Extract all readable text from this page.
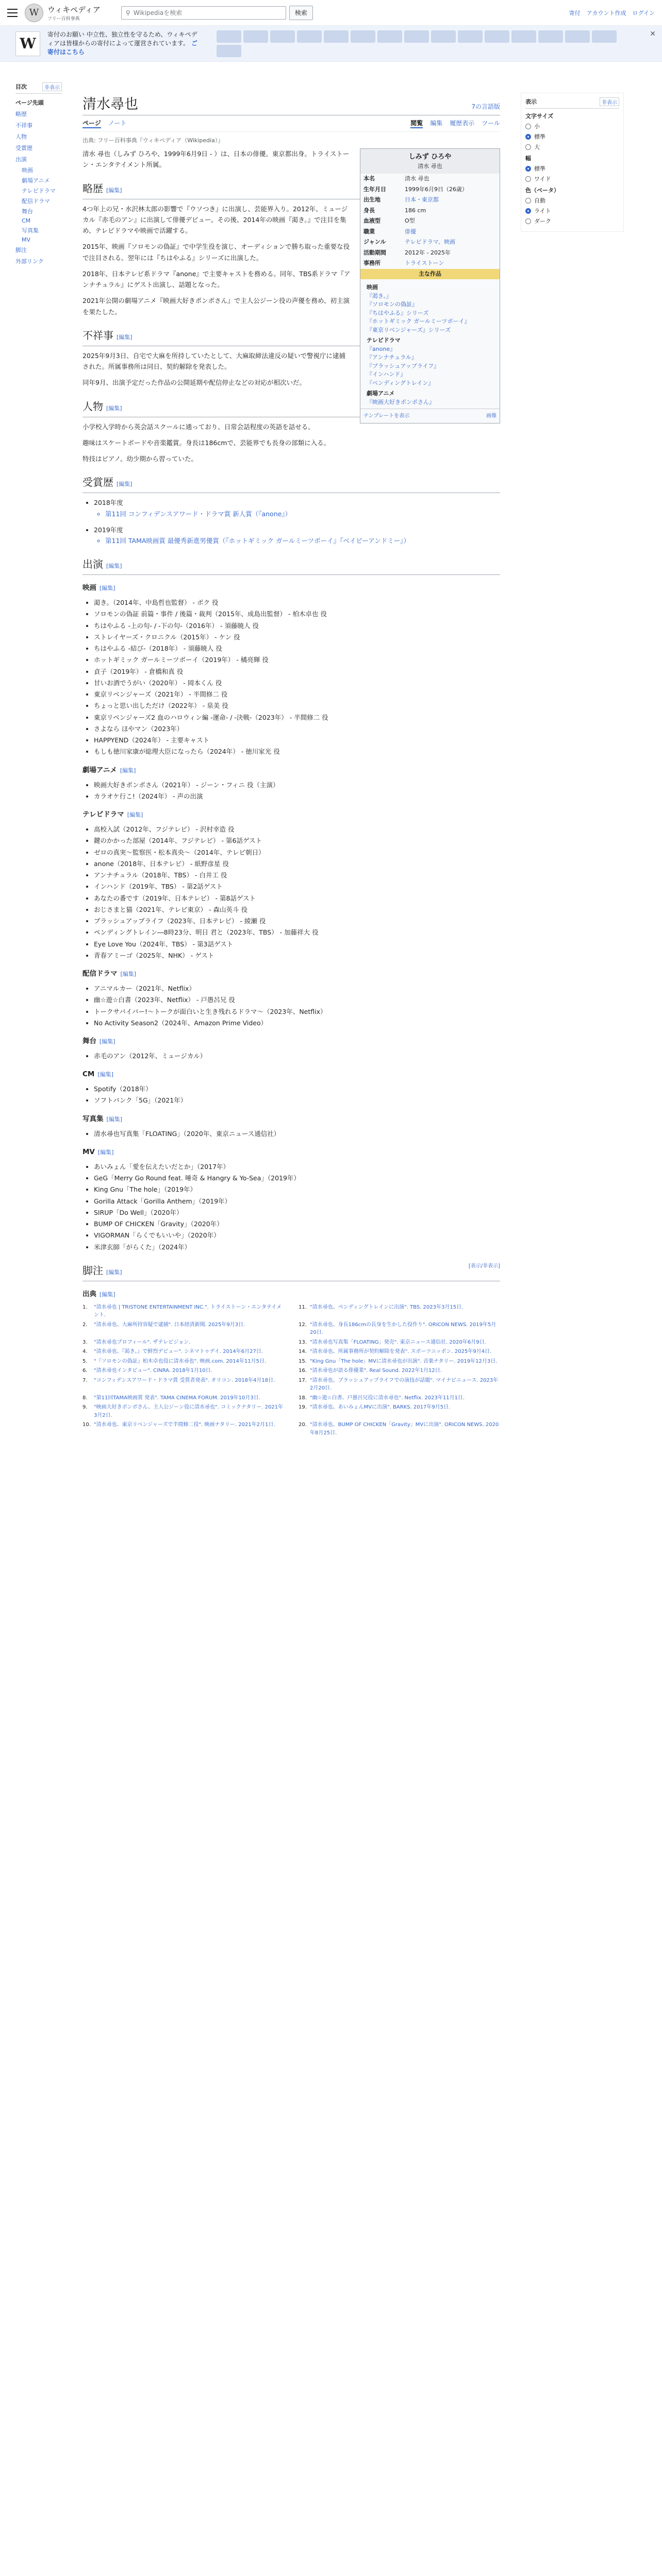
W	ウィキペディア
フリー百科事典
⚲ Wikipediaを検索	検索	寄付 アカウント作成 ログイン
W
寄付のお願い 中立性、独立性を守るため、ウィキペディアは皆様からの寄付によって運営されています。 ご寄付はこちら
✕
目次	非表示
ページ先頭
略歴
不祥事
人物
受賞歴
出演
映画
劇場アニメ
テレビドラマ
配信ドラマ
舞台
CM
写真集
MV
脚注
外部リンク
清水尋也	7の言語版
ページ ノート	閲覧 編集 履歴表示 ツール
出典: フリー百科事典『ウィキペディア（Wikipedia）』
しみず ひろや
清水 尋也
本名	清水 尋也
生年月日	1999年6月9日（26歳）
出生地	日本・東京都
身長	186 cm
血液型	O型
職業	俳優
ジャンル	テレビドラマ、映画
活動期間	2012年 - 2025年
事務所	トライストーン
主な作品
映画
『渇き。』
『ソロモンの偽証』
『ちはやふる』シリーズ
『ホットギミック ガールミーツボーイ』
『東京リベンジャーズ』シリーズ
テレビドラマ
『anone』
『アンナチュラル』
『ブラッシュアップライフ』
『インハンド』
『ペンディングトレイン』
劇場アニメ
『映画大好きポンポさん』
テンプレートを表示	画像

清水 尋也（しみず ひろや、1999年6月9日 - ）は、日本の俳優。東京都出身。トライストーン・エンタテイメント所属。

略歴 [編集]

4つ年上の兄・水沢林太郎の影響で『ウソつき』に出演し、芸能界入り。2012年、ミュージカル『赤毛のアン』に出演して俳優デビュー。その後、2014年の映画『渇き。』で注目を集め、テレビドラマや映画で活躍する。

2015年、映画『ソロモンの偽証』で中学生役を演じ、オーディションで勝ち取った重要な役で注目される。翌年には『ちはやふる』シリーズに出演した。

2018年、日本テレビ系ドラマ『anone』で主要キャストを務める。同年、TBS系ドラマ『アンナチュラル』にゲスト出演し、話題となった。

2021年公開の劇場アニメ『映画大好きポンポさん』で主人公ジーン役の声優を務め、初主演を果たした。

不祥事 [編集]

2025年9月3日、自宅で大麻を所持していたとして、大麻取締法違反の疑いで警視庁に逮捕された。所属事務所は同日、契約解除を発表した。

同年9月、出演予定だった作品の公開延期や配信停止などの対応が相次いだ。

人物 [編集]

小学校入学時から英会話スクールに通っており、日常会話程度の英語を話せる。

趣味はスケートボードや音楽鑑賞。身長は186cmで、芸能界でも長身の部類に入る。

特技はピアノ。幼少期から習っていた。

受賞歴 [編集]
• 2018年度
◦ 第11回 コンフィデンスアワード・ドラマ賞 新人賞（『anone』）
• 2019年度
◦ 第11回 TAMA映画賞 最優秀新進男優賞（『ホットギミック ガールミーツボーイ』『ベイビーアンドミー』）
出演 [編集]
映画 [編集]
• 渇き。（2014年、中島哲也監督） - ボク 役
• ソロモンの偽証 前篇・事件 / 後篇・裁判（2015年、成島出監督） - 柏木卓也 役
• ちはやふる -上の句- / -下の句-（2016年） - 須藤暁人 役
• ストレイヤーズ・クロニクル（2015年） - ケン 役
• ちはやふる -結び-（2018年） - 須藤暁人 役
• ホットギミック ガールミーツボーイ（2019年） - 橘亮輝 役
• 貞子（2019年） - 倉橋和真 役
• 甘いお酒でうがい（2020年） - 岡本くん 役
• 東京リベンジャーズ（2021年） - 半間修二 役
• ちょっと思い出しただけ（2022年） - 泉美 役
• 東京リベンジャーズ2 血のハロウィン編 -運命- / -決戦-（2023年） - 半間修二 役
• さよなら ほやマン（2023年）
• HAPPYEND（2024年） - 主要キャスト
• もしも徳川家康が総理大臣になったら（2024年） - 徳川家光 役
劇場アニメ [編集]
• 映画大好きポンポさん（2021年） - ジーン・フィニ 役（主演）
• カラオケ行こ!（2024年） - 声の出演
テレビドラマ [編集]
• 高校入試（2012年、フジテレビ） - 沢村幸造 役
• 鍵のかかった部屋（2014年、フジテレビ） - 第6話ゲスト
• ゼロの真実〜監察医・松本真央〜（2014年、テレビ朝日）
• anone（2018年、日本テレビ） - 紙野彦星 役
• アンナチュラル（2018年、TBS） - 白井工 役
• インハンド（2019年、TBS） - 第2話ゲスト
• あなたの番です（2019年、日本テレビ） - 第8話ゲスト
• おじさまと猫（2021年、テレビ東京） - 森山英斗 役
• ブラッシュアップライフ（2023年、日本テレビ） - 綾瀬 役
• ペンディングトレイン―8時23分、明日 君と（2023年、TBS） - 加藤祥大 役
• Eye Love You（2024年、TBS） - 第3話ゲスト
• 青春アミーゴ（2025年、NHK） - ゲスト
配信ドラマ [編集]
• アニマルカー（2021年、Netflix）
• 幽☆遊☆白書（2023年、Netflix） - 戸愚呂兄 役
• トークサバイバー!〜トークが面白いと生き残れるドラマ〜（2023年、Netflix）
• No Activity Season2（2024年、Amazon Prime Video）
舞台 [編集]
• 赤毛のアン（2012年、ミュージカル）
CM [編集]
• Spotify（2018年）
• ソフトバンク「5G」（2021年）
写真集 [編集]
• 清水尋也写真集「FLOATING」（2020年、東京ニュース通信社）
MV [編集]
• あいみょん「愛を伝えたいだとか」（2017年）
• GeG「Merry Go Round feat. 唾奇 & Hangry & Yo-Sea」（2019年）
• King Gnu「The hole」（2019年）
• Gorilla Attack「Gorilla Anthem」（2019年）
• SIRUP「Do Well」（2020年）
• BUMP OF CHICKEN「Gravity」（2020年）
• VIGORMAN「らくでもいいや」（2020年）
• 米津玄師「がらくた」（2024年）
脚注 [編集]
[表示/非表示]
出典 [編集]
1.	"清水尋也 | TRISTONE ENTERTAINMENT INC.". トライストーン・エンタテイメント.
11. "清水尋也、ペンディングトレインに出演". TBS. 2023年3月15日.
2.	"清水尋也、大麻所持容疑で逮捕". 日本経済新聞. 2025年9月3日.	12. "清水尋也、身長186cmの長身を生かした役作り". ORICON NEWS. 2019年5月20日.
3.	"清水尋也プロフィール". ザテレビジョン.	13. "清水尋也写真集「FLOATING」発売". 東京ニュース通信社. 2020年6月9日.
4.	"清水尋也、『渇き。』で鮮烈デビュー". シネマトゥデイ. 2014年6月27日.	14. "清水尋也、所属事務所が契約解除を発表". スポーツニッポン. 2025年9月4日.
5.	"『ソロモンの偽証』柏木卓也役に清水尋也". 映画.com. 2014年11月5日.	15. "King Gnu「The hole」MVに清水尋也が出演". 音楽ナタリー. 2019年12月3日.
6.	"清水尋也インタビュー". CINRA. 2018年1月10日.	16. "清水尋也が語る俳優業". Real Sound. 2022年1月12日.
7.	"コンフィデンスアワード・ドラマ賞 受賞者発表". オリコン. 2018年4月18日.	17. "清水尋也、ブラッシュアップライフでの演技が話題". マイナビニュース. 2023年2月20日.
8.	"第11回TAMA映画賞 発表". TAMA CINEMA FORUM. 2019年10月3日.	18. "幽☆遊☆白書、戸愚呂兄役に清水尋也". Netflix. 2023年11月1日.
9.	"映画大好きポンポさん、主人公ジーン役に清水尋也". コミックナタリー. 2021年3月2日.
19. "清水尋也、あいみょんMVに出演". BARKS. 2017年9月5日.
10. "清水尋也、東京リベンジャーズで半間修二役". 映画ナタリー. 2021年2月1日.	20. "清水尋也、BUMP OF CHICKEN「Gravity」MVに出演". ORICON NEWS. 2020年8月25日.
表示	非表示
文字サイズ
小
標準
大
幅
標準
ワイド
色（ベータ）
自動
ライト
ダーク
